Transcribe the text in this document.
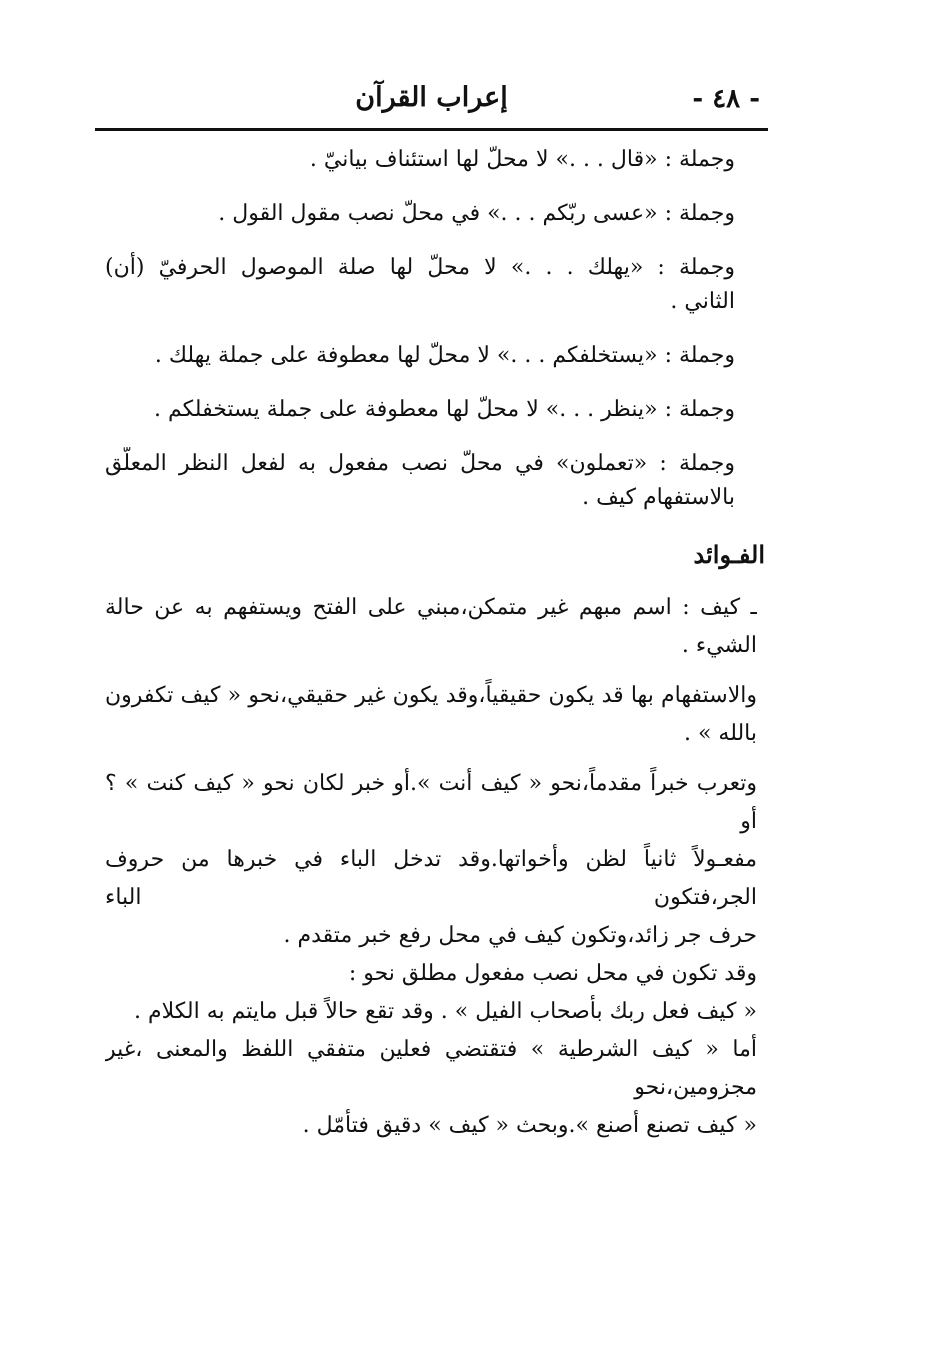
- ٤٨ -
إعراب القرآن
وجملة : «قال . . .» لا محلّ لها استئناف بيانيّ .
وجملة : «عسى ربّكم . . .» في محلّ نصب مقول القول .
وجملة : «يهلك . . .» لا محلّ لها صلة الموصول الحرفيّ (أن)
الثاني .
وجملة : «يستخلفكم . . .» لا محلّ لها معطوفة على جملة يهلك .
وجملة : «ينظر . . .» لا محلّ لها معطوفة على جملة يستخفلكم .
وجملة : «تعملون» في محلّ نصب مفعول به لفعل النظر المعلّق
بالاستفهام كيف .
الفـوائد
ـ كيف : اسم مبهم غير متمكن،مبني على الفتح ويستفهم به عن حالة
الشيء .
والاستفهام بها قد يكون حقيقياً،وقد يكون غير حقيقي،نحو « كيف تكفرون
بالله » .
وتعرب خبراً مقدماً،نحو « كيف أنت ».أو خبر لكان نحو « كيف كنت » ؟ أو
مفعـولاً ثانياً لظن وأخواتها.وقد تدخل الباء في خبرها من حروف الجر،فتكون الباء
حرف جر زائد،وتكون كيف في محل رفع خبر متقدم .
وقد تكون في محل نصب مفعول مطلق نحو :
« كيف فعل ربك بأصحاب الفيل » . وقد تقع حالاً قبل مايتم به الكلام .
أما « كيف الشرطية » فتقتضي فعلين متفقي اللفظ والمعنى ،غير مجزومين،نحو
« كيف تصنع أصنع ».وبحث « كيف » دقيق فتأمّل .
